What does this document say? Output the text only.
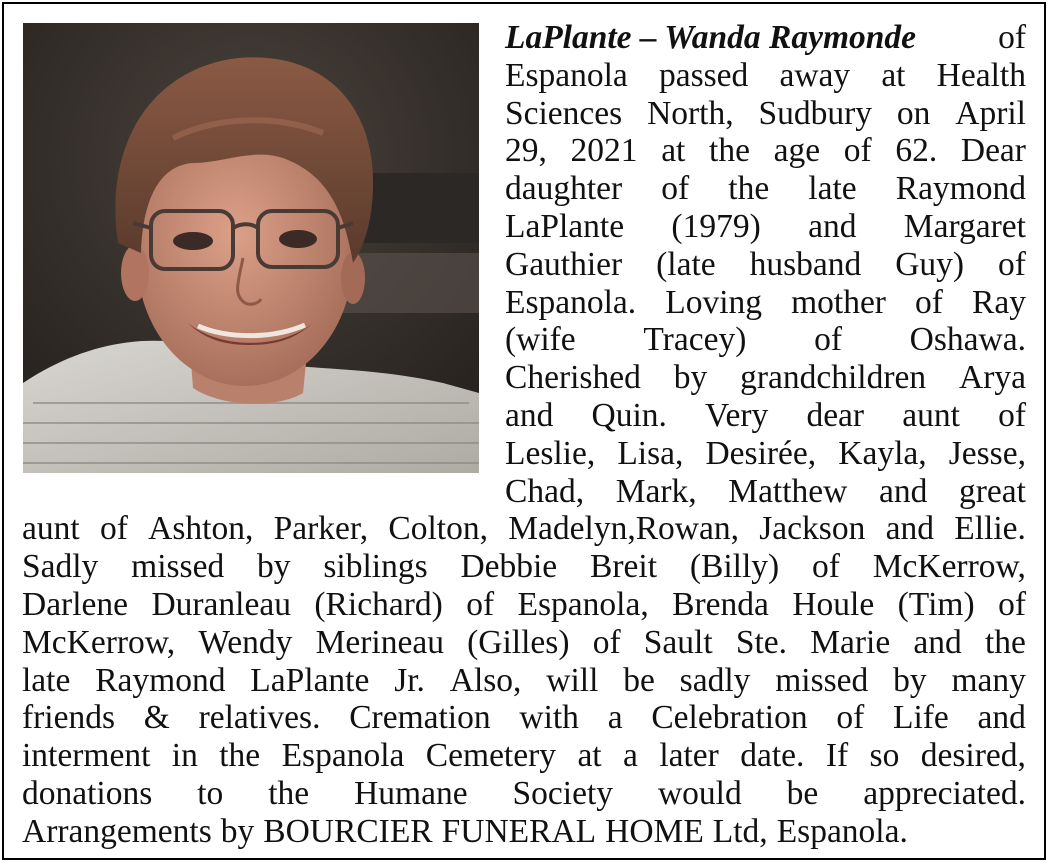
LaPlante – Wanda Raymonde of
Espanola passed away at Health
Sciences North, Sudbury on April
29, 2021 at the age of 62. Dear
daughter of the late Raymond
LaPlante (1979) and Margaret
Gauthier (late husband Guy) of
Espanola. Loving mother of Ray
(wife Tracey) of Oshawa.
Cherished by grandchildren Arya
and Quin. Very dear aunt of
Leslie, Lisa, Desirée, Kayla, Jesse,
Chad, Mark, Matthew and great
aunt of Ashton, Parker, Colton, Madelyn,Rowan, Jackson and Ellie.
Sadly missed by siblings Debbie Breit (Billy) of McKerrow,
Darlene Duranleau (Richard) of Espanola, Brenda Houle (Tim) of
McKerrow, Wendy Merineau (Gilles) of Sault Ste. Marie and the
late Raymond LaPlante Jr. Also, will be sadly missed by many
friends & relatives. Cremation with a Celebration of Life and
interment in the Espanola Cemetery at a later date. If so desired,
donations to the Humane Society would be appreciated.
Arrangements by BOURCIER FUNERAL HOME Ltd, Espanola.
